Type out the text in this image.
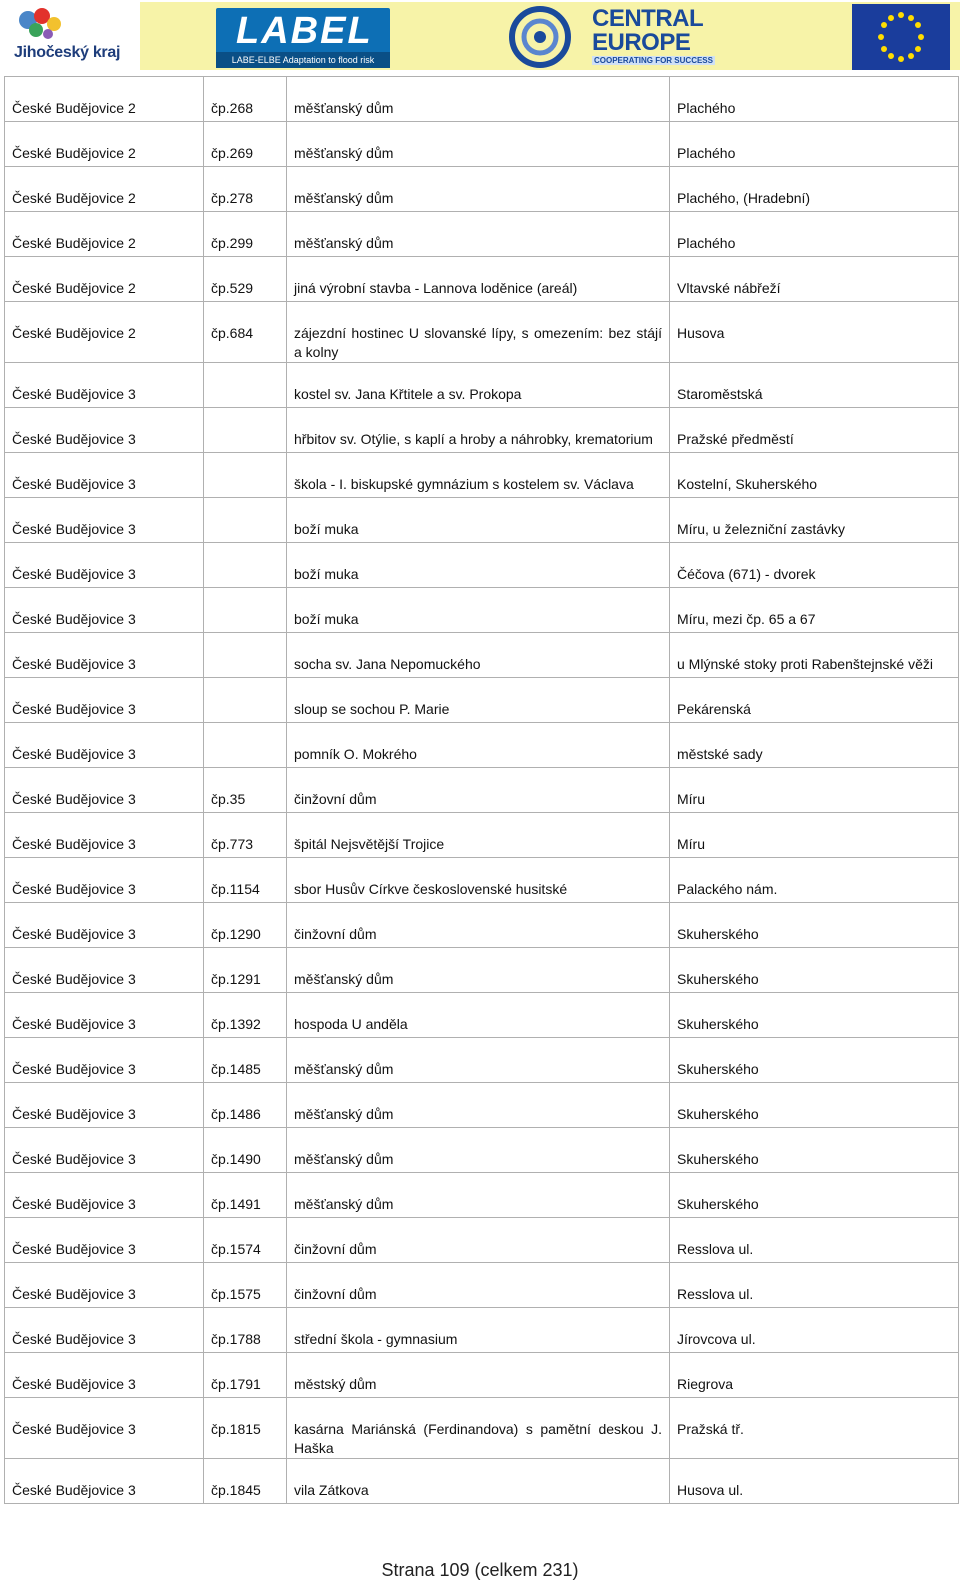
Jihočeský kraj
LABEL
LABE-ELBE Adaptation to flood risk
CENTRAL
EUROPE
COOPERATING FOR SUCCESS
České Budějovice 2	čp.268	měšťanský dům	Plachého
České Budějovice 2	čp.269	měšťanský dům	Plachého
České Budějovice 2	čp.278	měšťanský dům	Plachého, (Hradební)
České Budějovice 2	čp.299	měšťanský dům	Plachého
České Budějovice 2	čp.529	jiná výrobní stavba - Lannova loděnice (areál)	Vltavské nábřeží
České Budějovice 2	čp.684	zájezdní hostinec U slovanské lípy, s omezením: bez stájí a kolny	Husova
České Budějovice 3		kostel sv. Jana Křtitele a sv. Prokopa	Staroměstská
České Budějovice 3		hřbitov sv. Otýlie, s kaplí a hroby a náhrobky, krematorium	Pražské předměstí
České Budějovice 3		škola - I. biskupské gymnázium s kostelem sv. Václava	Kostelní, Skuherského
České Budějovice 3		boží muka	Míru, u železniční zastávky
České Budějovice 3		boží muka	Čéčova (671) - dvorek
České Budějovice 3		boží muka	Míru, mezi čp. 65 a 67
České Budějovice 3		socha sv. Jana Nepomuckého	u Mlýnské stoky proti Rabenštejnské věži
České Budějovice 3		sloup se sochou P. Marie	Pekárenská
České Budějovice 3		pomník O. Mokrého	městské sady
České Budějovice 3	čp.35	činžovní dům	Míru
České Budějovice 3	čp.773	špitál Nejsvětější Trojice	Míru
České Budějovice 3	čp.1154	sbor Husův Církve československé husitské	Palackého nám.
České Budějovice 3	čp.1290	činžovní dům	Skuherského
České Budějovice 3	čp.1291	měšťanský dům	Skuherského
České Budějovice 3	čp.1392	hospoda U anděla	Skuherského
České Budějovice 3	čp.1485	měšťanský dům	Skuherského
České Budějovice 3	čp.1486	měšťanský dům	Skuherského
České Budějovice 3	čp.1490	měšťanský dům	Skuherského
České Budějovice 3	čp.1491	měšťanský dům	Skuherského
České Budějovice 3	čp.1574	činžovní dům	Resslova ul.
České Budějovice 3	čp.1575	činžovní dům	Resslova ul.
České Budějovice 3	čp.1788	střední škola - gymnasium	Jírovcova ul.
České Budějovice 3	čp.1791	městský dům	Riegrova
České Budějovice 3	čp.1815	kasárna Mariánská (Ferdinandova) s pamětní deskou J. Haška	Pražská tř.
České Budějovice 3	čp.1845	vila Zátkova	Husova ul.
Strana 109 (celkem 231)
